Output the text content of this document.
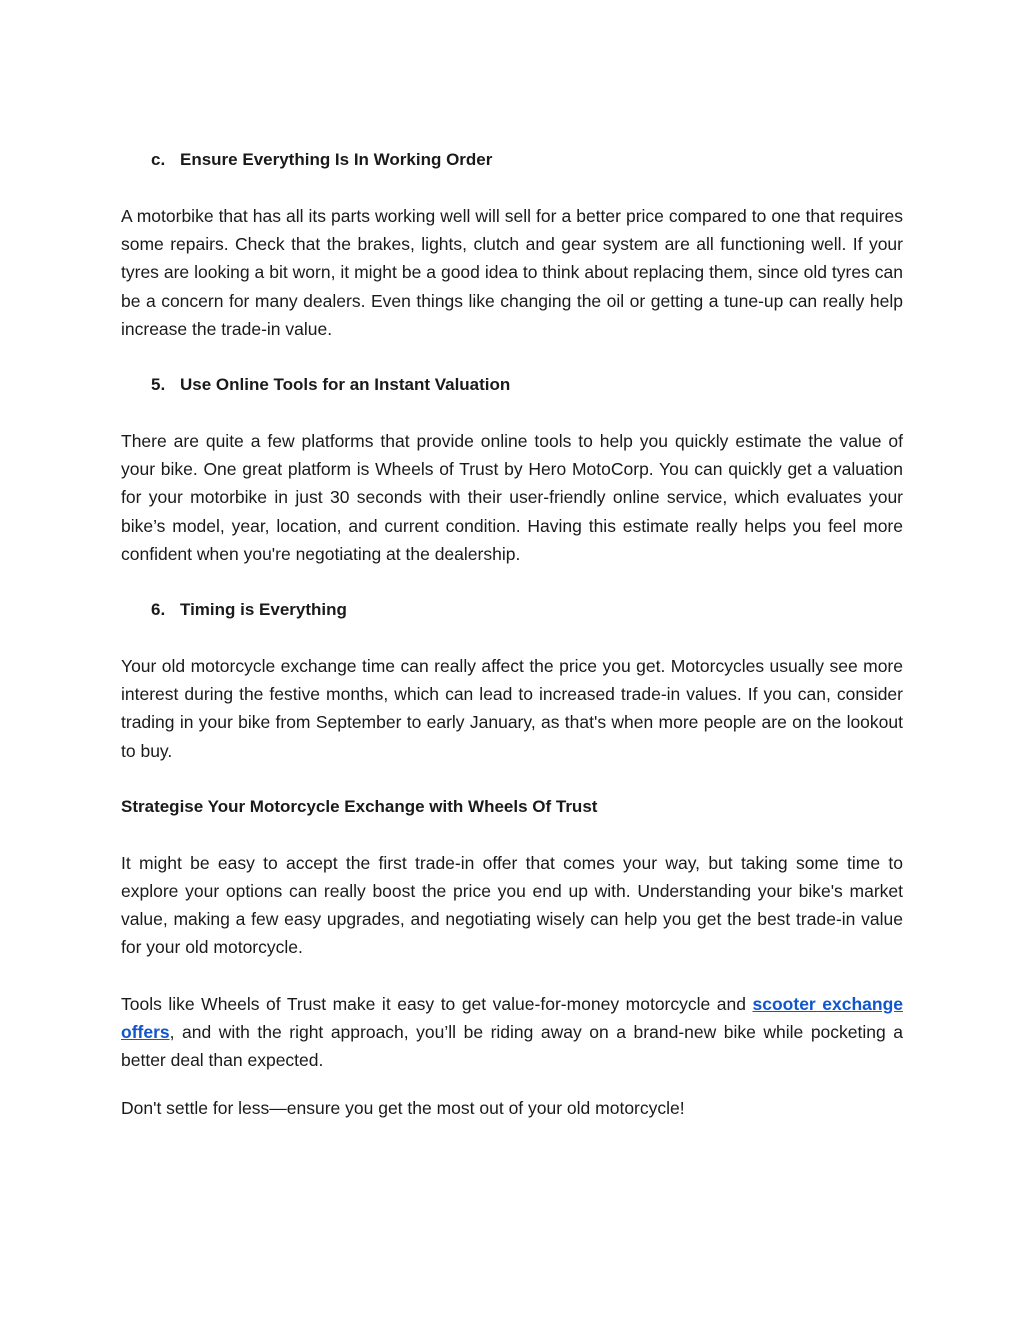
c. Ensure Everything Is In Working Order

A motorbike that has all its parts working well will sell for a better price compared to one that requires some repairs. Check that the brakes, lights, clutch and gear system are all functioning well. If your tyres are looking a bit worn, it might be a good idea to think about replacing them, since old tyres can be a concern for many dealers. Even things like changing the oil or getting a tune-up can really help increase the trade-in value.

5. Use Online Tools for an Instant Valuation

There are quite a few platforms that provide online tools to help you quickly estimate the value of your bike. One great platform is Wheels of Trust by Hero MotoCorp. You can quickly get a valuation for your motorbike in just 30 seconds with their user-friendly online service, which evaluates your bike’s model, year, location, and current condition. Having this estimate really helps you feel more confident when you're negotiating at the dealership.

6. Timing is Everything

Your old motorcycle exchange time can really affect the price you get. Motorcycles usually see more interest during the festive months, which can lead to increased trade-in values. If you can, consider trading in your bike from September to early January, as that's when more people are on the lookout to buy.

Strategise Your Motorcycle Exchange with Wheels Of Trust

It might be easy to accept the first trade-in offer that comes your way, but taking some time to explore your options can really boost the price you end up with. Understanding your bike's market value, making a few easy upgrades, and negotiating wisely can help you get the best trade-in value for your old motorcycle.

Tools like Wheels of Trust make it easy to get value-for-money motorcycle and scooter exchange offers, and with the right approach, you’ll be riding away on a brand-new bike while pocketing a better deal than expected.

Don't settle for less—ensure you get the most out of your old motorcycle!
